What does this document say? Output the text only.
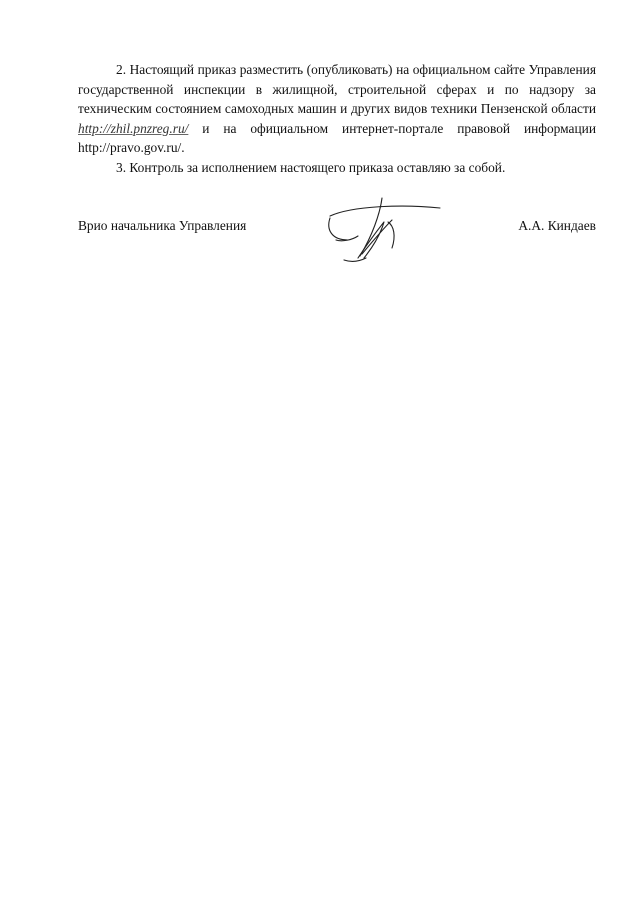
2. Настоящий приказ разместить (опубликовать) на официальном сайте Управления государственной инспекции в жилищной, строительной сферах и по надзору за техническим состоянием самоходных машин и других видов техники Пензенской области http://zhil.pnzreg.ru/ и на официальном интернет-портале правовой информации http://pravo.gov.ru/.

3. Контроль за исполнением настоящего приказа оставляю за собой.

Врио начальника Управления	А.А. Киндаев
